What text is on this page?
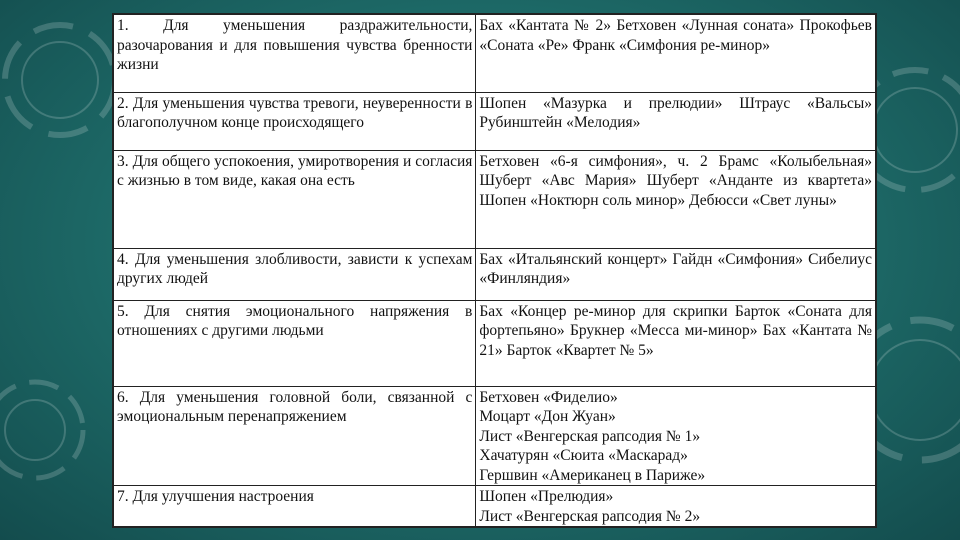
1. Для уменьшения раздражительности, разочарования и для повышения чувства бренности жизни	Бах «Кантата № 2» Бетховен «Лунная соната» Прокофьев «Соната «Ре» Франк «Симфония ре-минор»
2. Для уменьшения чувства тревоги, неуверенности в благополучном конце происходящего	Шопен «Мазурка и прелюдии» Штраус «Вальсы» Рубинштейн «Мелодия»
3. Для общего успокоения, умиротворения и согласия с жизнью в том виде, какая она есть	Бетховен «6-я симфония», ч. 2 Брамс «Колыбельная» Шуберт «Авс Мария» Шуберт «Анданте из квартета» Шопен «Ноктюрн соль минор» Дебюсси «Свет луны»
4. Для уменьшения злобливости, зависти к успехам других людей	Бах «Итальянский концерт» Гайдн «Симфония» Сибелиус «Финляндия»
5. Для снятия эмоционального напряжения в отношениях с другими людьми	Бах «Концер ре-минор для скрипки Барток «Соната для фортепьяно» Брукнер «Месса ми-минор» Бах «Кантата № 21» Барток «Квартет № 5»
6. Для уменьшения головной боли, связанной с эмоциональным перенапряжением	Бетховен «Фиделио»
Моцарт «Дон Жуан»
Лист «Венгерская рапсодия № 1»
Хачатурян «Сюита «Маскарад»
Гершвин «Американец в Париже»

7. Для улучшения настроения	Шопен «Прелюдия»
Лист «Венгерская рапсодия № 2»
